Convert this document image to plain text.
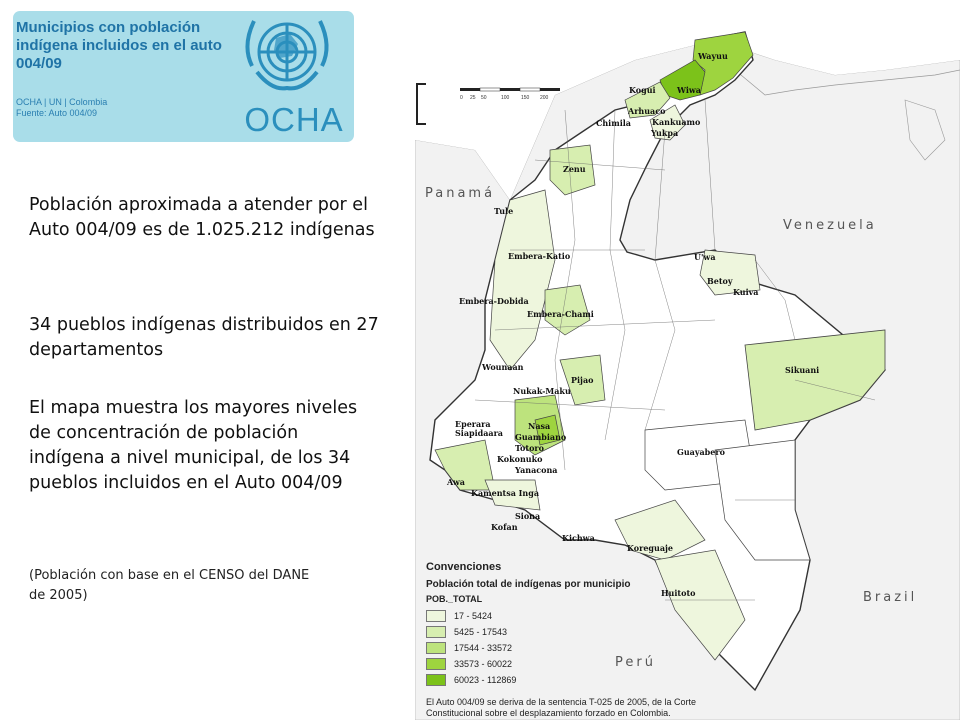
Municipios con población indígena incluidos en el auto 004/09
OCHA | UN | Colombia
Fuente: Auto 004/09	OCHA
Población aproximada a atender por el Auto 004/09 es de 1.025.212 indígenas
34 pueblos indígenas distribuidos en 27 departamentos
El mapa muestra los mayores niveles de concentración de población indígena a nivel municipal, de los 34 pueblos incluidos en el Auto 004/09
(Población con base en el CENSO del DANE de 2005)
0 25 50	100 150 200
Panamá
Venezuela
Brazil
Perú
Wayuu
Wiwa
Kogui
Arhuaco
Chimila	Kankuamo
Yukpa
Zenu
Tule
Embera-Katio
Embera-Dobida
Embera-Chami
U'wa
Betoy
Kuiva
Sikuani
Wounaan
Nukak-Maku
Pijao
Eperara Siapidaara
Nasa
Guambiano
Totoro
Kokonuko
Yanacona
Awa
Kamentsa Inga
Siona
Kofan
Kichwa
Koreguaje
Guayabero
Huitoto
Convenciones
Población total de indígenas por municipio
POB._TOTAL
17 - 5424
5425 - 17543
17544 - 33572
33573 - 60022
60023 - 112869
El Auto 004/09 se deriva de la sentencia T-025 de 2005, de la Corte Constitucional sobre el desplazamiento forzado en Colombia.
